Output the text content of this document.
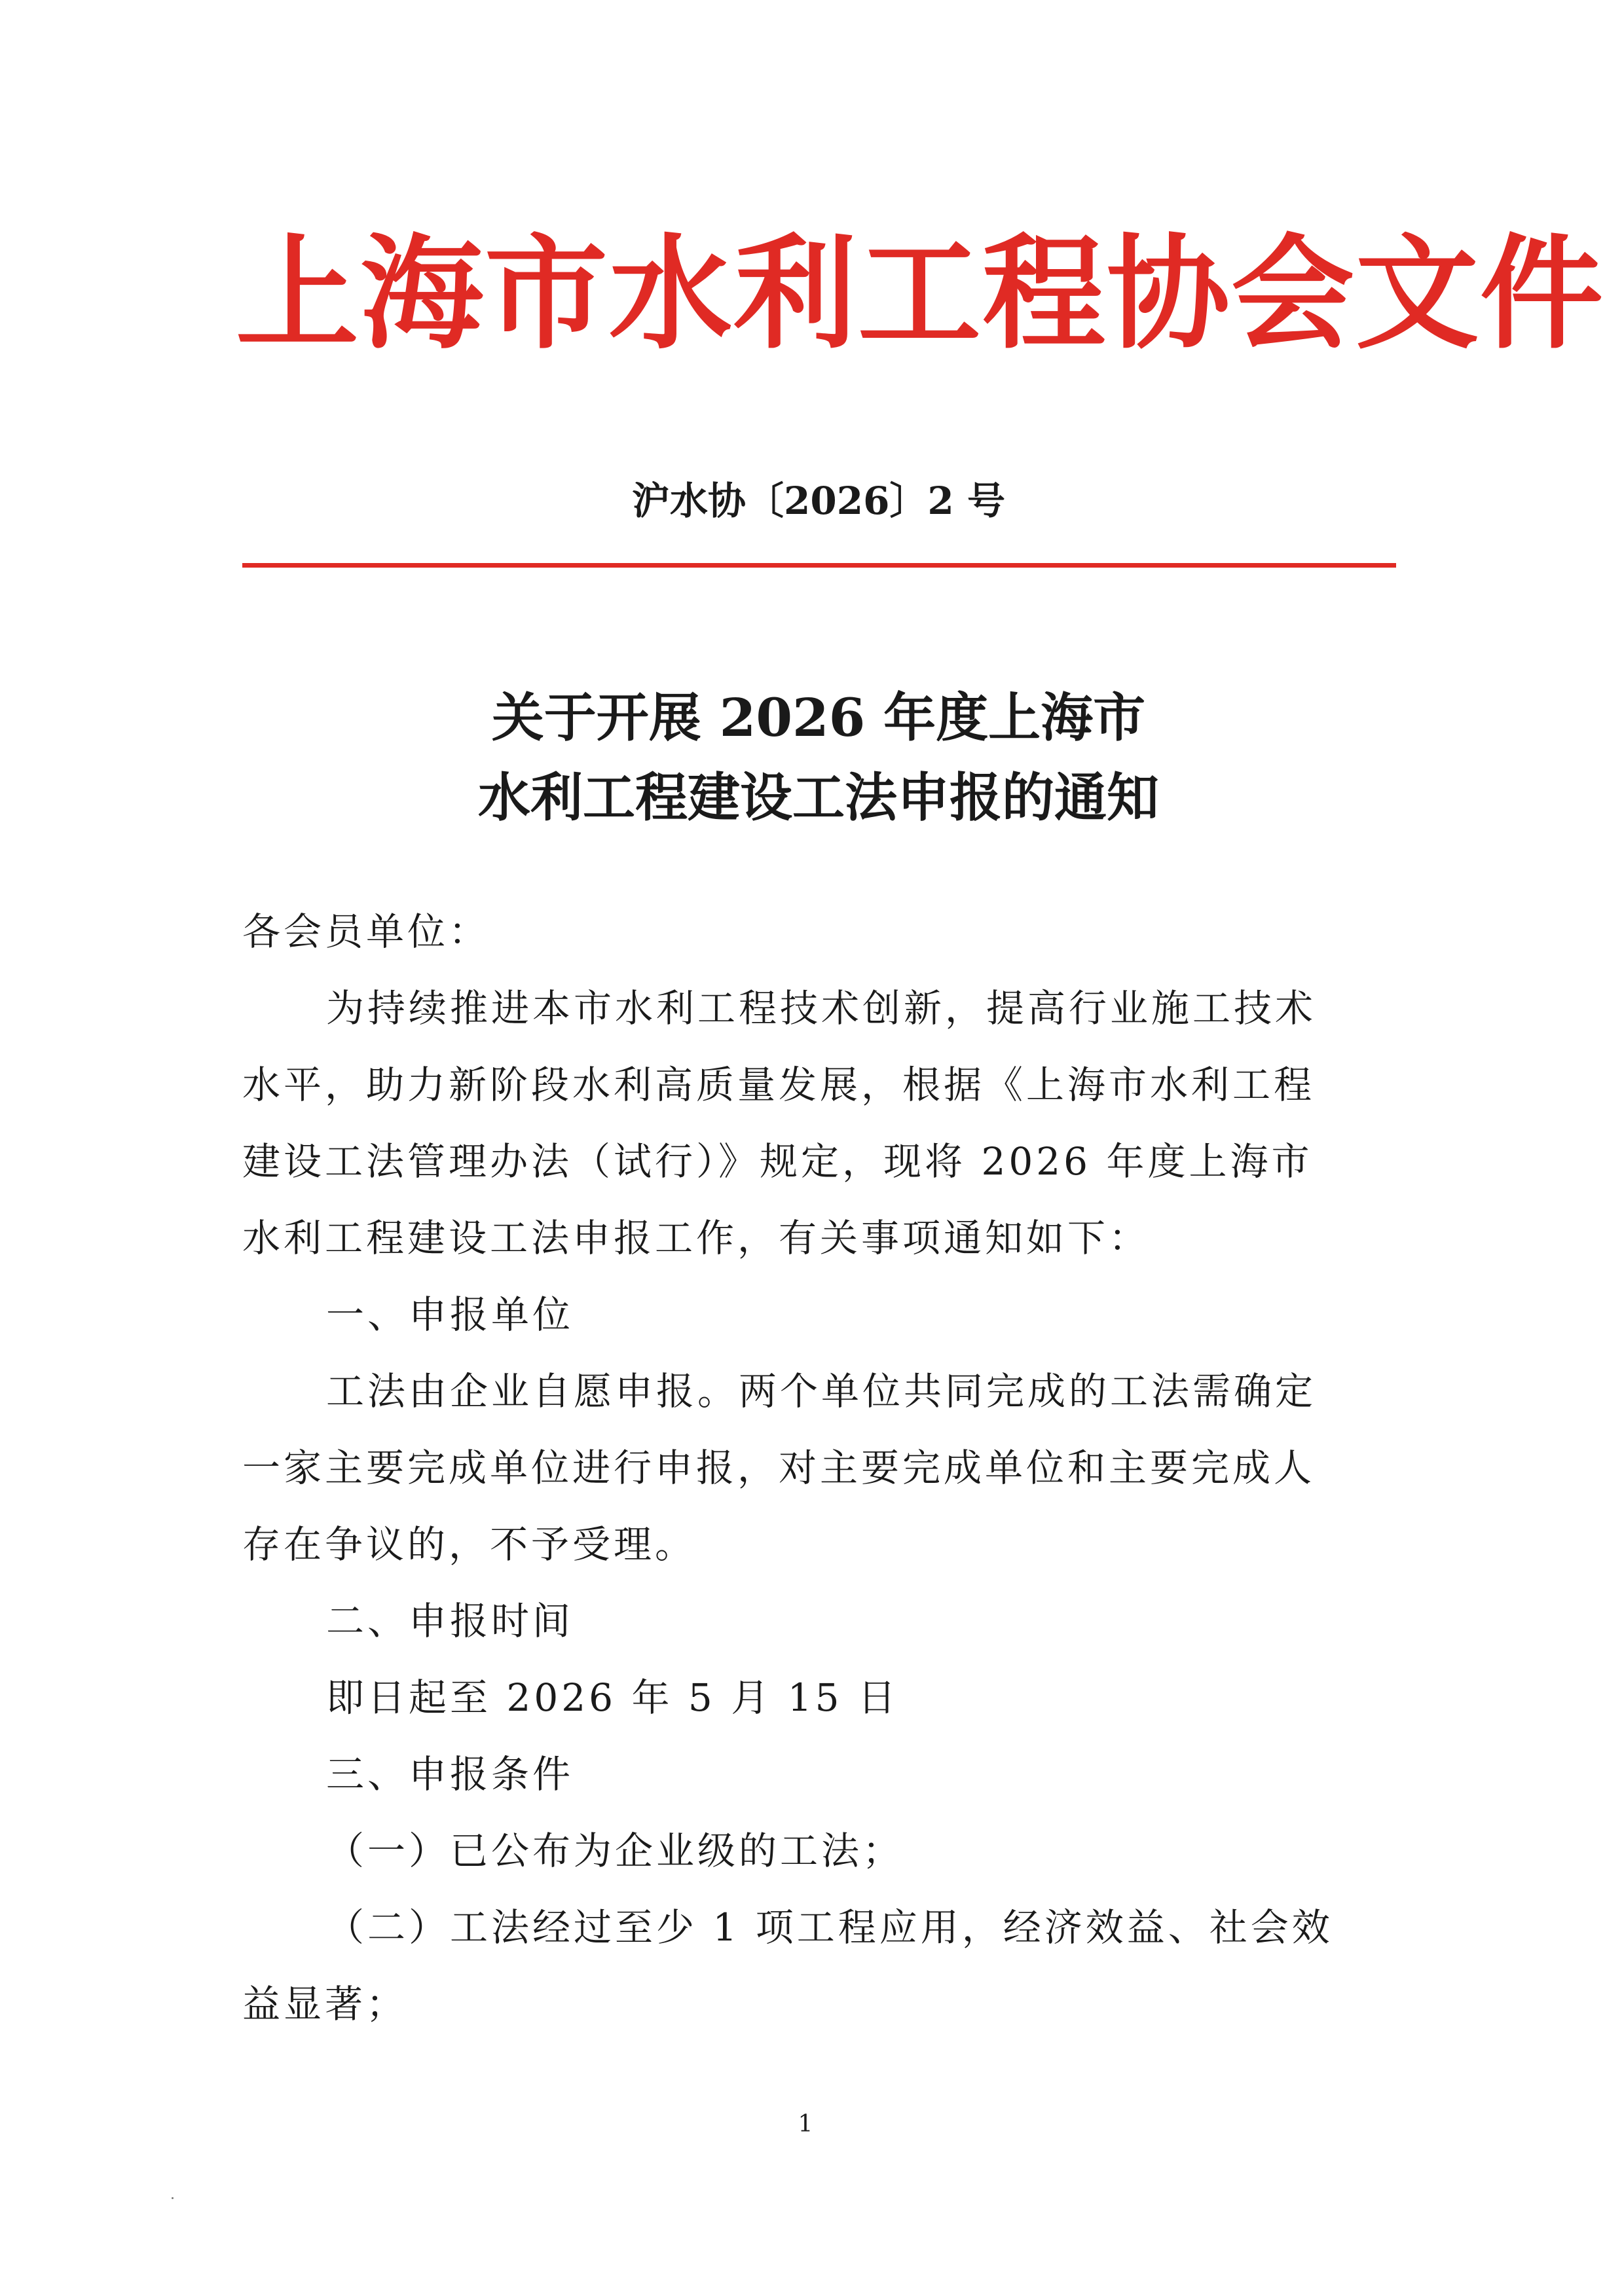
上海市水利工程协会文件
沪水协〔2026〕2 号
关于开展 2026 年度上海市
水利工程建设工法申报的通知

各会员单位：

为持续推进本市水利工程技术创新，提高行业施工技术

水平，助力新阶段水利高质量发展，根据《上海市水利工程

建设工法管理办法（试行）》规定，现将 2026 年度上海市

水利工程建设工法申报工作，有关事项通知如下：

一、申报单位

工法由企业自愿申报。两个单位共同完成的工法需确定

一家主要完成单位进行申报，对主要完成单位和主要完成人

存在争议的，不予受理。

二、申报时间

即日起至 2026 年 5 月 15 日

三、申报条件

（一）已公布为企业级的工法；

（二）工法经过至少 1 项工程应用，经济效益、社会效

益显著；

1
